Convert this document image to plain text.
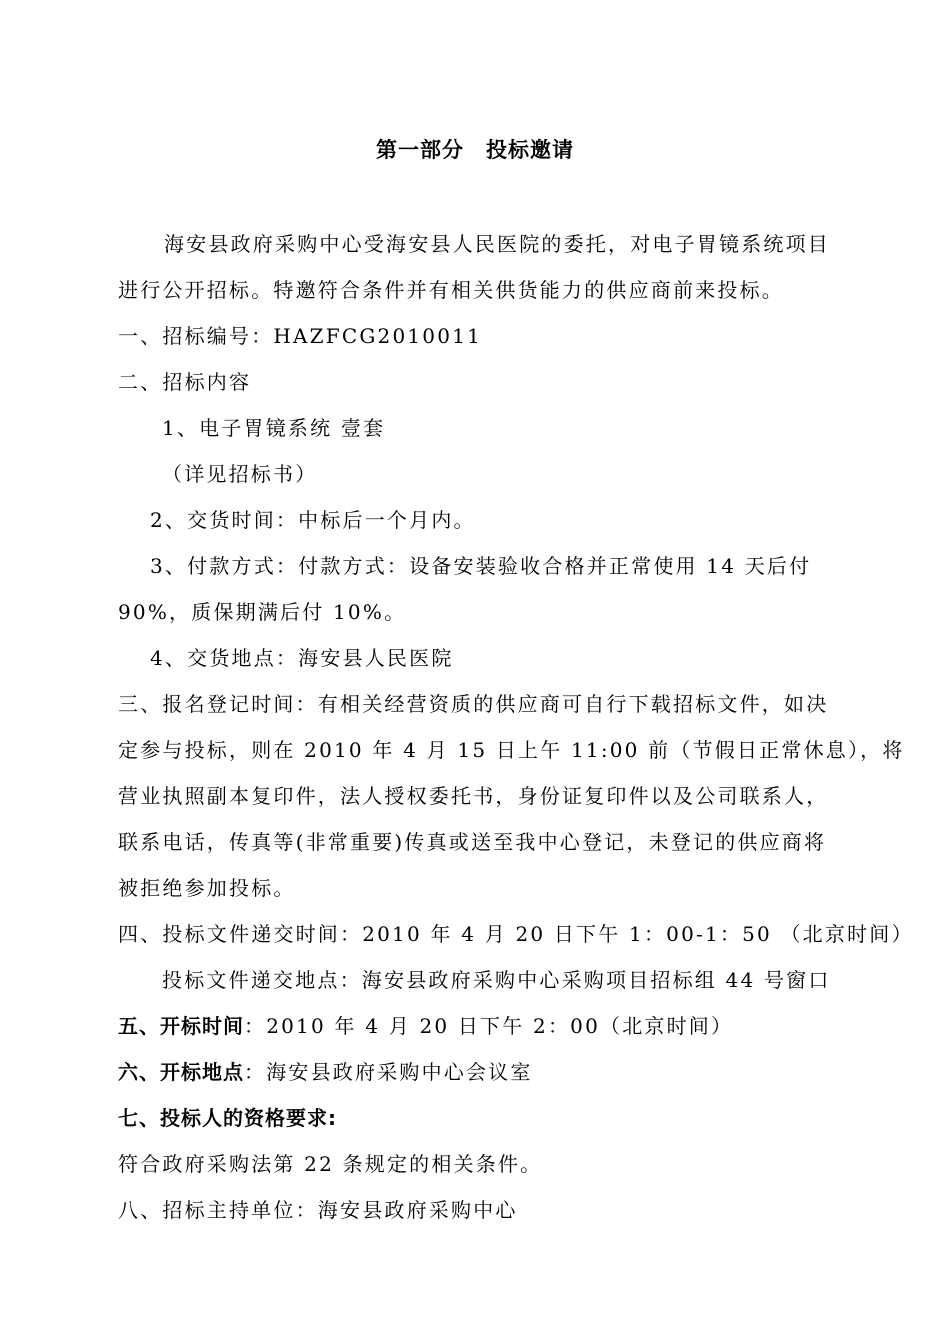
第一部分 投标邀请
海安县政府采购中心受海安县人民医院的委托，对电子胃镜系统项目
进行公开招标。特邀符合条件并有相关供货能力的供应商前来投标。
一、招标编号：HAZFCG2010011
二、招标内容
1、电子胃镜系统 壹套
（详见招标书）
2、交货时间：中标后一个月内。
3、付款方式：付款方式：设备安装验收合格并正常使用 14 天后付
90%，质保期满后付 10%。
4、交货地点：海安县人民医院
三、报名登记时间：有相关经营资质的供应商可自行下载招标文件，如决
定参与投标，则在 2010 年 4 月 15 日上午 11:00 前（节假日正常休息），将
营业执照副本复印件，法人授权委托书，身份证复印件以及公司联系人，
联系电话，传真等(非常重要)传真或送至我中心登记，未登记的供应商将
被拒绝参加投标。
四、投标文件递交时间：2010 年 4 月 20 日下午 1：00-1：50 （北京时间）
投标文件递交地点：海安县政府采购中心采购项目招标组 44 号窗口
五、开标时间：2010 年 4 月 20 日下午 2：00（北京时间）
六、开标地点：海安县政府采购中心会议室
七、投标人的资格要求:
符合政府采购法第 22 条规定的相关条件。
八、招标主持单位：海安县政府采购中心
